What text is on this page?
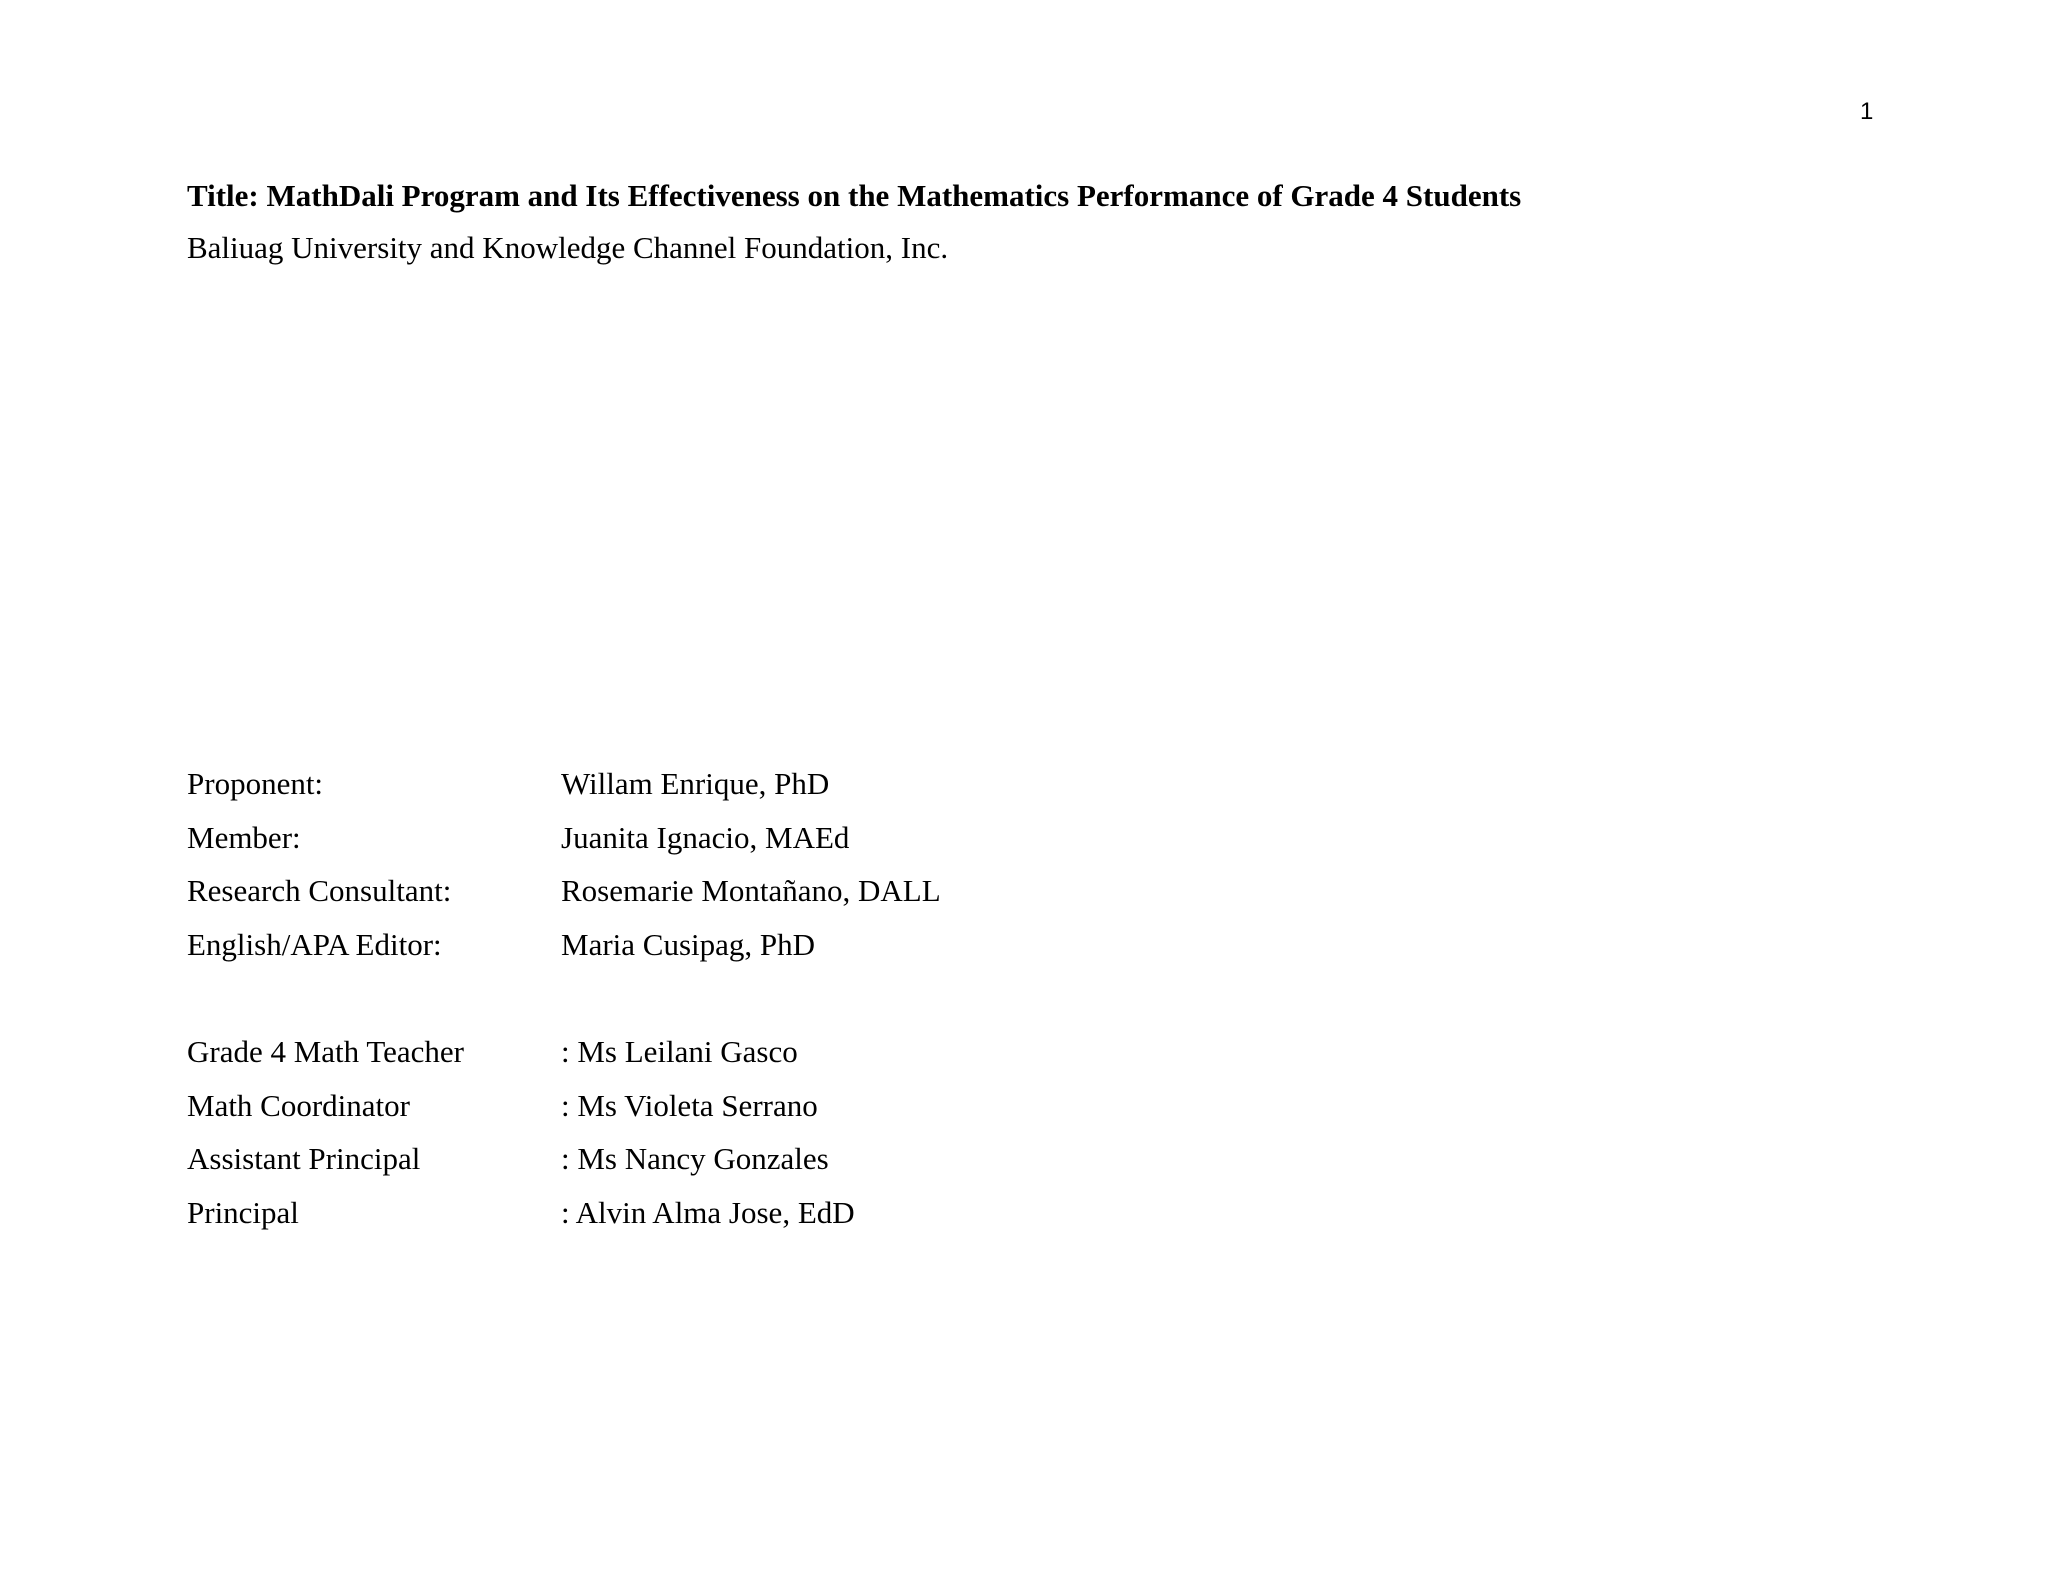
1
Title: MathDali Program and Its Effectiveness on the Mathematics Performance of Grade 4 Students
Baliuag University and Knowledge Channel Foundation, Inc.
Proponent:	Willam Enrique, PhD
Member:	Juanita Ignacio, MAEd
Research Consultant:	Rosemarie Montañano, DALL
English/APA Editor:	Maria Cusipag, PhD
Grade 4 Math Teacher	: Ms Leilani Gasco
Math Coordinator	: Ms Violeta Serrano
Assistant Principal	: Ms Nancy Gonzales
Principal	: Alvin Alma Jose, EdD
